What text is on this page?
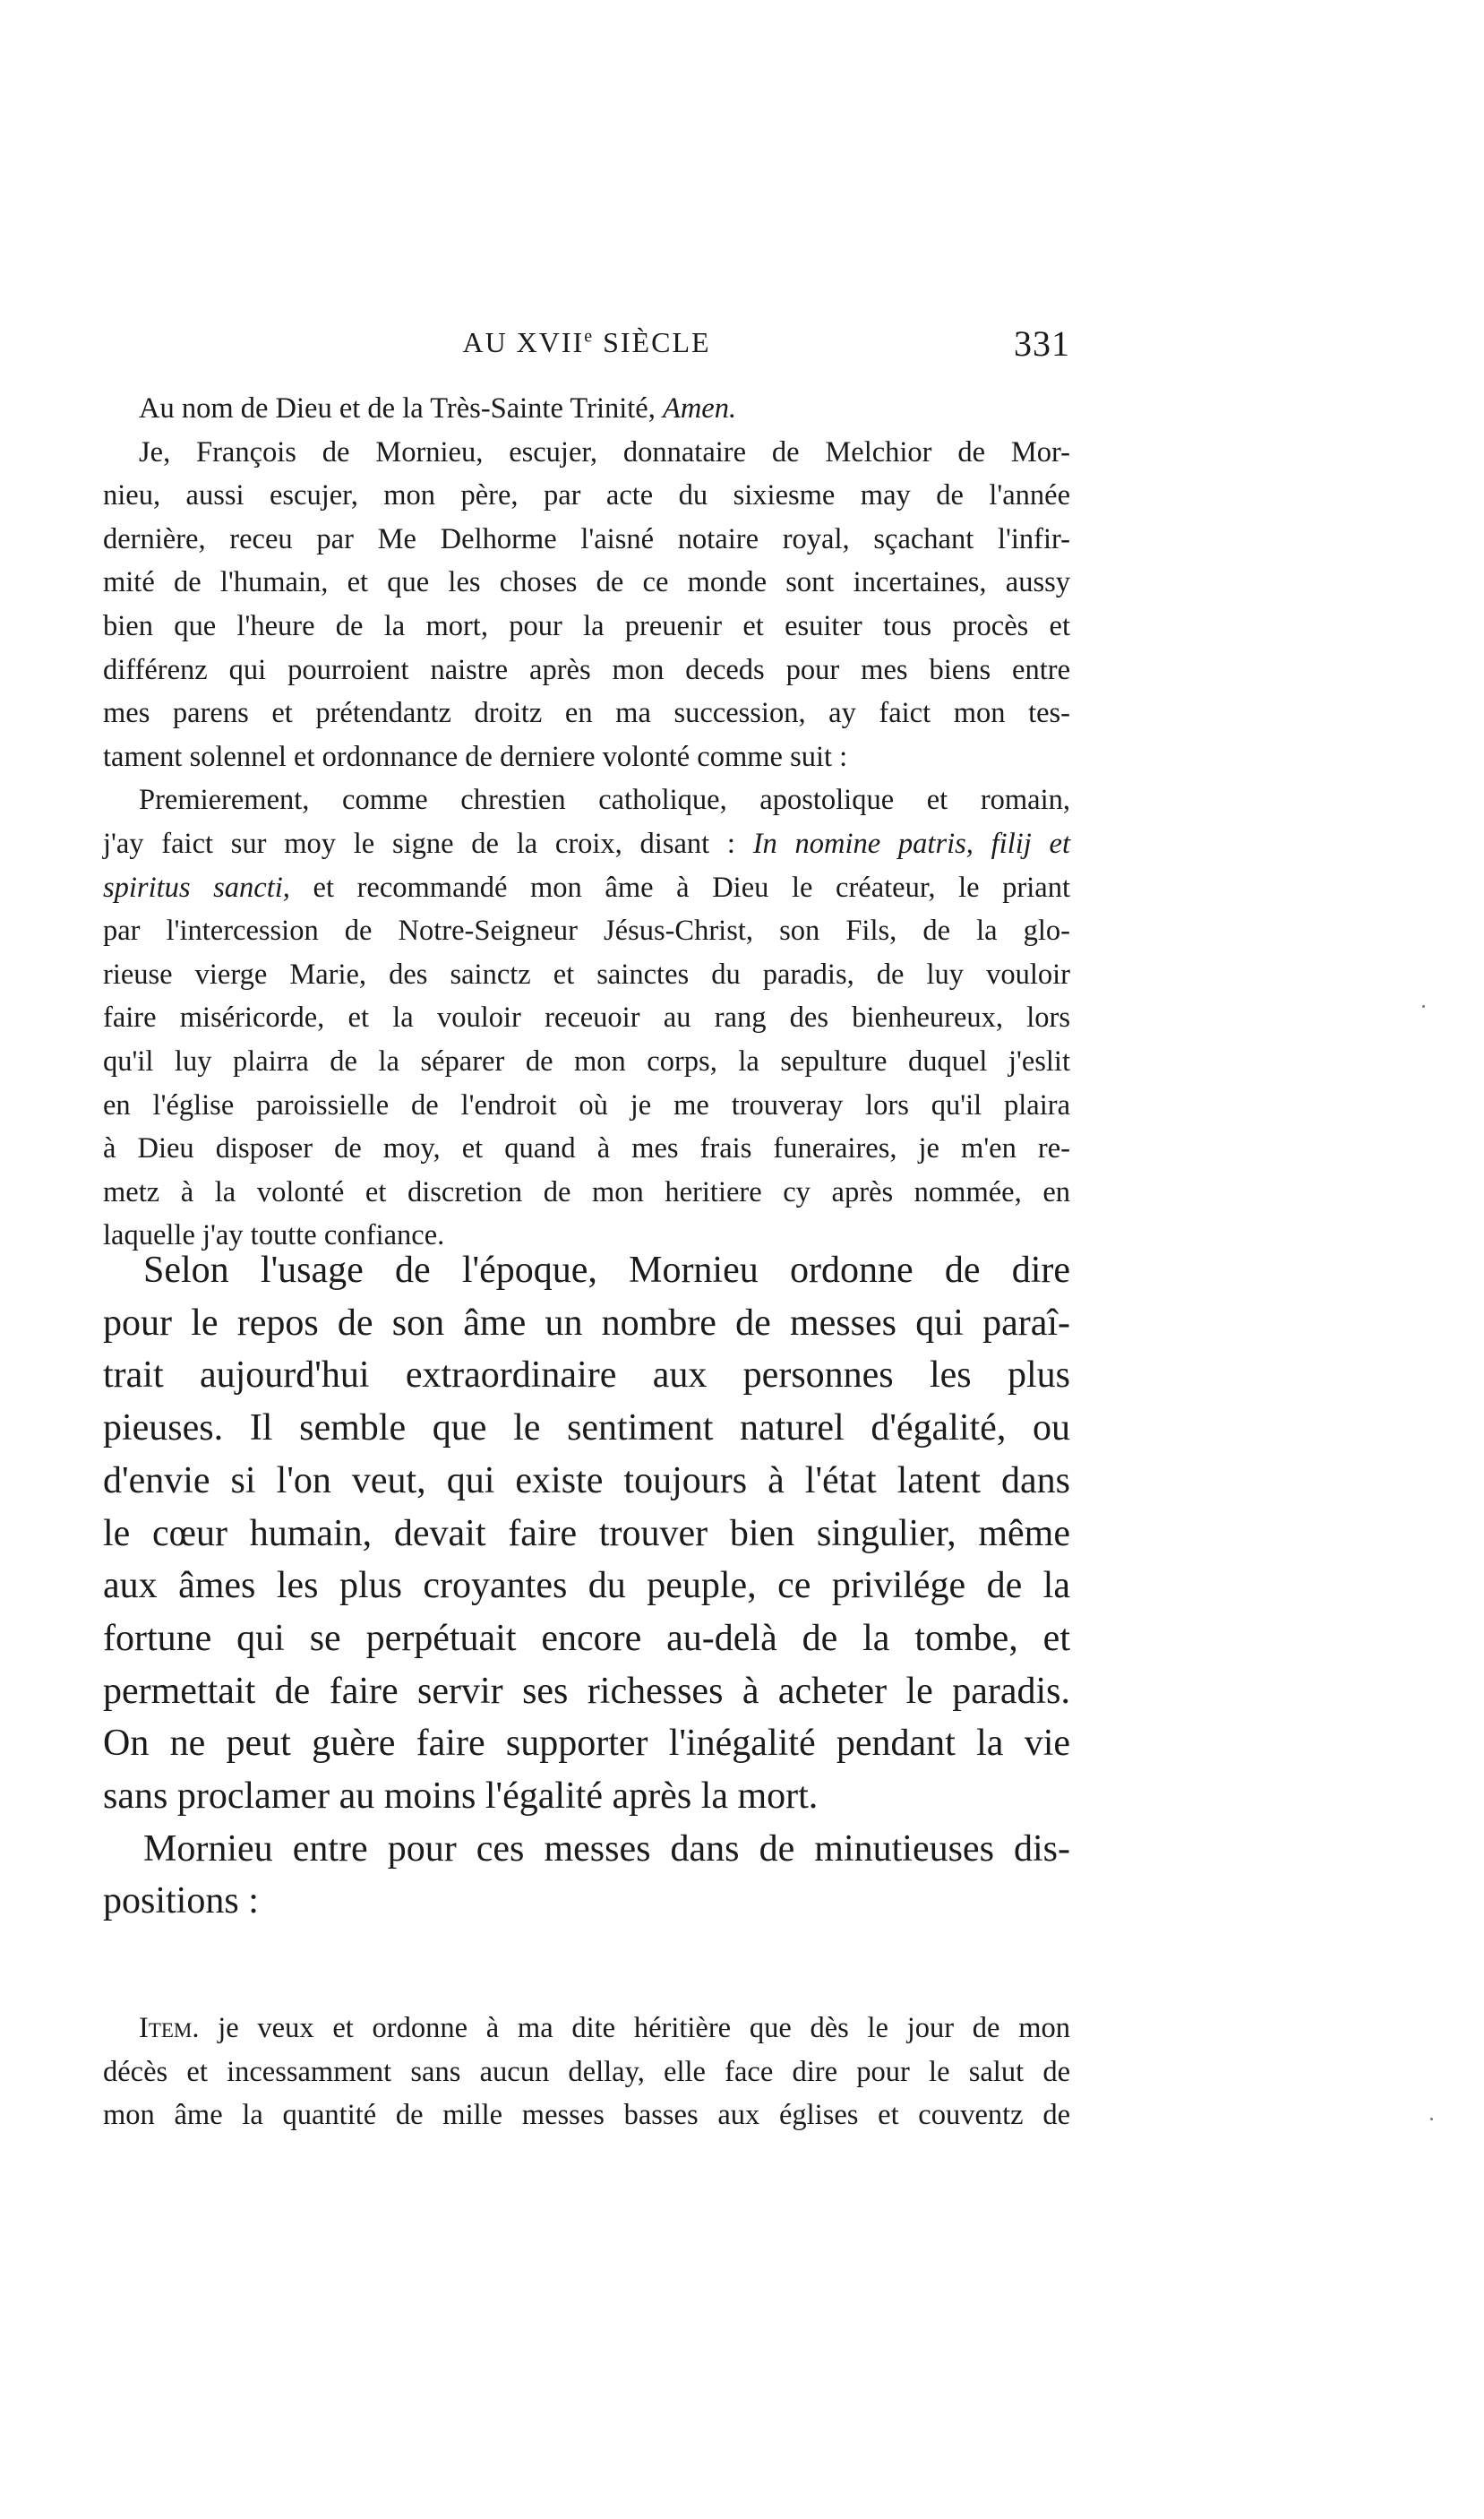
AU XVIIe SIÈCLE	331

Au nom de Dieu et de la Très-Sainte Trinité, Amen.

Je, François de Mornieu, escujer, donnataire de Melchior de Mor-
nieu, aussi escujer, mon père, par acte du sixiesme may de l'année
dernière, receu par Me Delhorme l'aisné notaire royal, sçachant l'infir-
mité de l'humain, et que les choses de ce monde sont incertaines, aussy
bien que l'heure de la mort, pour la preuenir et esuiter tous procès et
différenz qui pourroient naistre après mon deceds pour mes biens entre
mes parens et prétendantz droitz en ma succession, ay faict mon tes-
tament solennel et ordonnance de derniere volonté comme suit :

Premierement, comme chrestien catholique, apostolique et romain,
j'ay faict sur moy le signe de la croix, disant : In nomine patris, filij et
spiritus sancti, et recommandé mon âme à Dieu le créateur, le priant
par l'intercession de Notre-Seigneur Jésus-Christ, son Fils, de la glo-
rieuse vierge Marie, des sainctz et sainctes du paradis, de luy vouloir
faire miséricorde, et la vouloir receuoir au rang des bienheureux, lors
qu'il luy plairra de la séparer de mon corps, la sepulture duquel j'eslit
en l'église paroissielle de l'endroit où je me trouveray lors qu'il plaira
à Dieu disposer de moy, et quand à mes frais funeraires, je m'en re-
metz à la volonté et discretion de mon heritiere cy après nommée, en
laquelle j'ay toutte confiance.

Selon l'usage de l'époque, Mornieu ordonne de dire
pour le repos de son âme un nombre de messes qui paraî-
trait aujourd'hui extraordinaire aux personnes les plus
pieuses. Il semble que le sentiment naturel d'égalité, ou
d'envie si l'on veut, qui existe toujours à l'état latent dans
le cœur humain, devait faire trouver bien singulier, même
aux âmes les plus croyantes du peuple, ce privilége de la
fortune qui se perpétuait encore au-delà de la tombe, et
permettait de faire servir ses richesses à acheter le paradis.
On ne peut guère faire supporter l'inégalité pendant la vie
sans proclamer au moins l'égalité après la mort.

Mornieu entre pour ces messes dans de minutieuses dis-
positions :

Item. je veux et ordonne à ma dite héritière que dès le jour de mon
décès et incessamment sans aucun dellay, elle face dire pour le salut de
mon âme la quantité de mille messes basses aux églises et couventz de
